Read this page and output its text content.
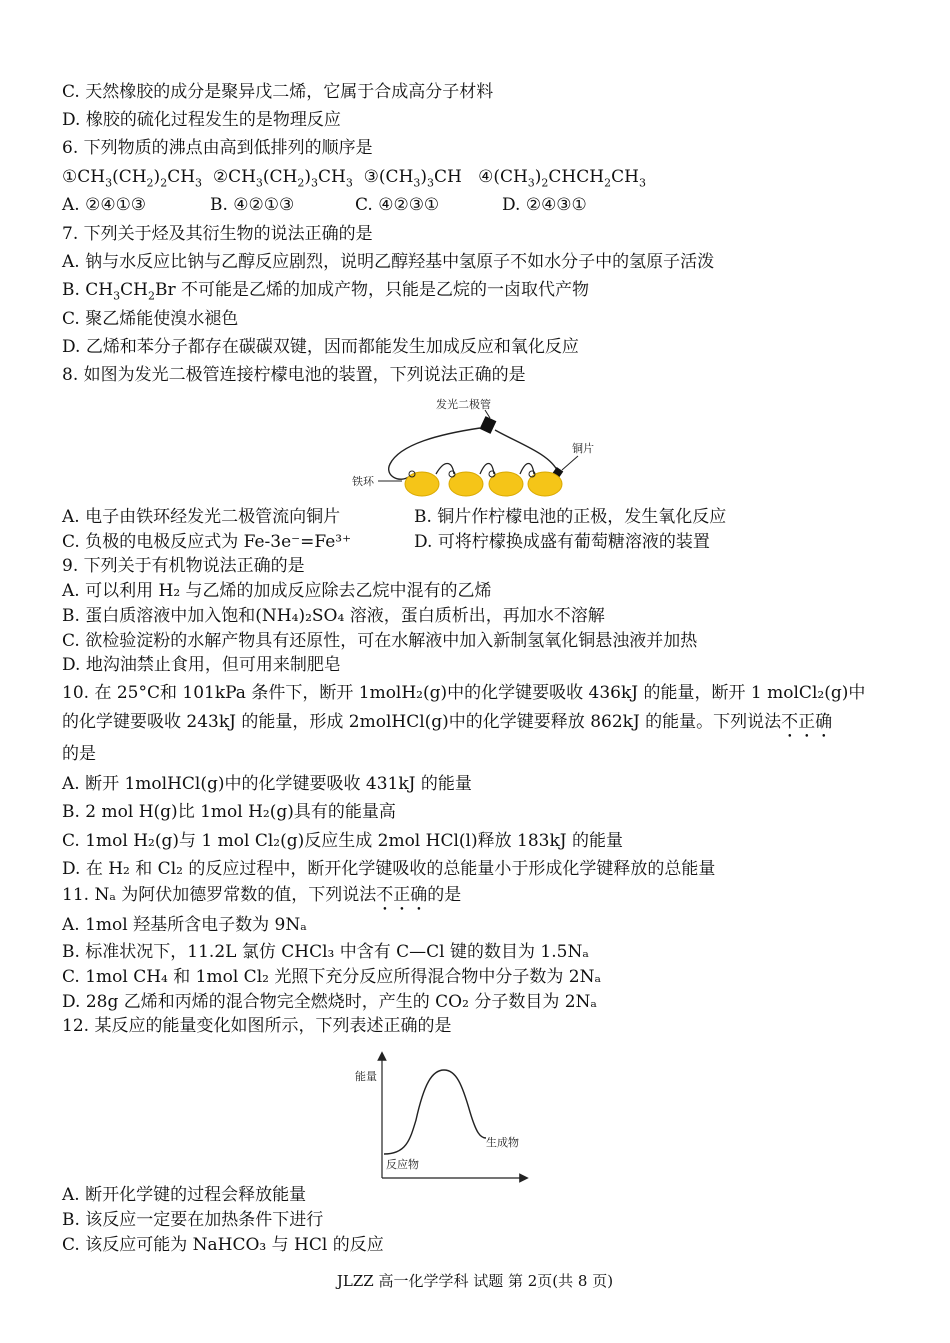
C. 天然橡胶的成分是聚异戊二烯，它属于合成高分子材料
D. 橡胶的硫化过程发生的是物理反应
6. 下列物质的沸点由高到低排列的顺序是
$①CH_3(CH_2)_2CH_3$  $②CH_3(CH_2)_3CH_3$  $③(CH_3)_3CH$   $④(CH_3)_2CHCH_2CH_3$
A. ②④①③	B. ④②①③	C. ④②③①	D. ②④③①
7. 下列关于烃及其衍生物的说法正确的是
A. 钠与水反应比钠与乙醇反应剧烈，说明乙醇羟基中氢原子不如水分子中的氢原子活泼
B. $CH_3CH_2Br$ 不可能是乙烯的加成产物，只能是乙烷的一卤取代产物
C. 聚乙烯能使溴水褪色
D. 乙烯和苯分子都存在碳碳双键，因而都能发生加成反应和氧化反应
8. 如图为发光二极管连接柠檬电池的装置，下列说法正确的是
发光二极管
铜片
铁环
A. 电子由铁环经发光二极管流向铜片	B. 铜片作柠檬电池的正极，发生氧化反应
C. 负极的电极反应式为 Fe-3e⁻=Fe³⁺	D. 可将柠檬换成盛有葡萄糖溶液的装置
9. 下列关于有机物说法正确的是
A. 可以利用 H₂ 与乙烯的加成反应除去乙烷中混有的乙烯
B. 蛋白质溶液中加入饱和(NH₄)₂SO₄ 溶液，蛋白质析出，再加水不溶解
C. 欲检验淀粉的水解产物具有还原性，可在水解液中加入新制氢氧化铜悬浊液并加热
D. 地沟油禁止食用，但可用来制肥皂
10. 在 25°C和 101kPa 条件下，断开 1molH₂(g)中的化学键要吸收 436kJ 的能量，断开 1 molCl₂(g)中
的化学键要吸收 243kJ 的能量，形成 2molHCl(g)中的化学键要释放 862kJ 的能量。下列说法不正确
的是
A. 断开 1molHCl(g)中的化学键要吸收 431kJ 的能量
B. 2 mol H(g)比 1mol H₂(g)具有的能量高
C. 1mol H₂(g)与 1 mol Cl₂(g)反应生成 2mol HCl(l)释放 183kJ 的能量
D. 在 H₂ 和 Cl₂ 的反应过程中，断开化学键吸收的总能量小于形成化学键释放的总能量
11. Nₐ 为阿伏加德罗常数的值，下列说法不正确的是
A. 1mol 羟基所含电子数为 9Nₐ
B. 标准状况下，11.2L 氯仿 CHCl₃ 中含有 C—Cl 键的数目为 1.5Nₐ
C. 1mol CH₄ 和 1mol Cl₂ 光照下充分反应所得混合物中分子数为 2Nₐ
D. 28g 乙烯和丙烯的混合物完全燃烧时，产生的 CO₂ 分子数目为 2Nₐ
12. 某反应的能量变化如图所示，下列表述正确的是
能量
反应物
生成物
A. 断开化学键的过程会释放能量
B. 该反应一定要在加热条件下进行
C. 该反应可能为 NaHCO₃ 与 HCl 的反应
JLZZ 高一化学学科 试题 第 2页(共 8 页)
